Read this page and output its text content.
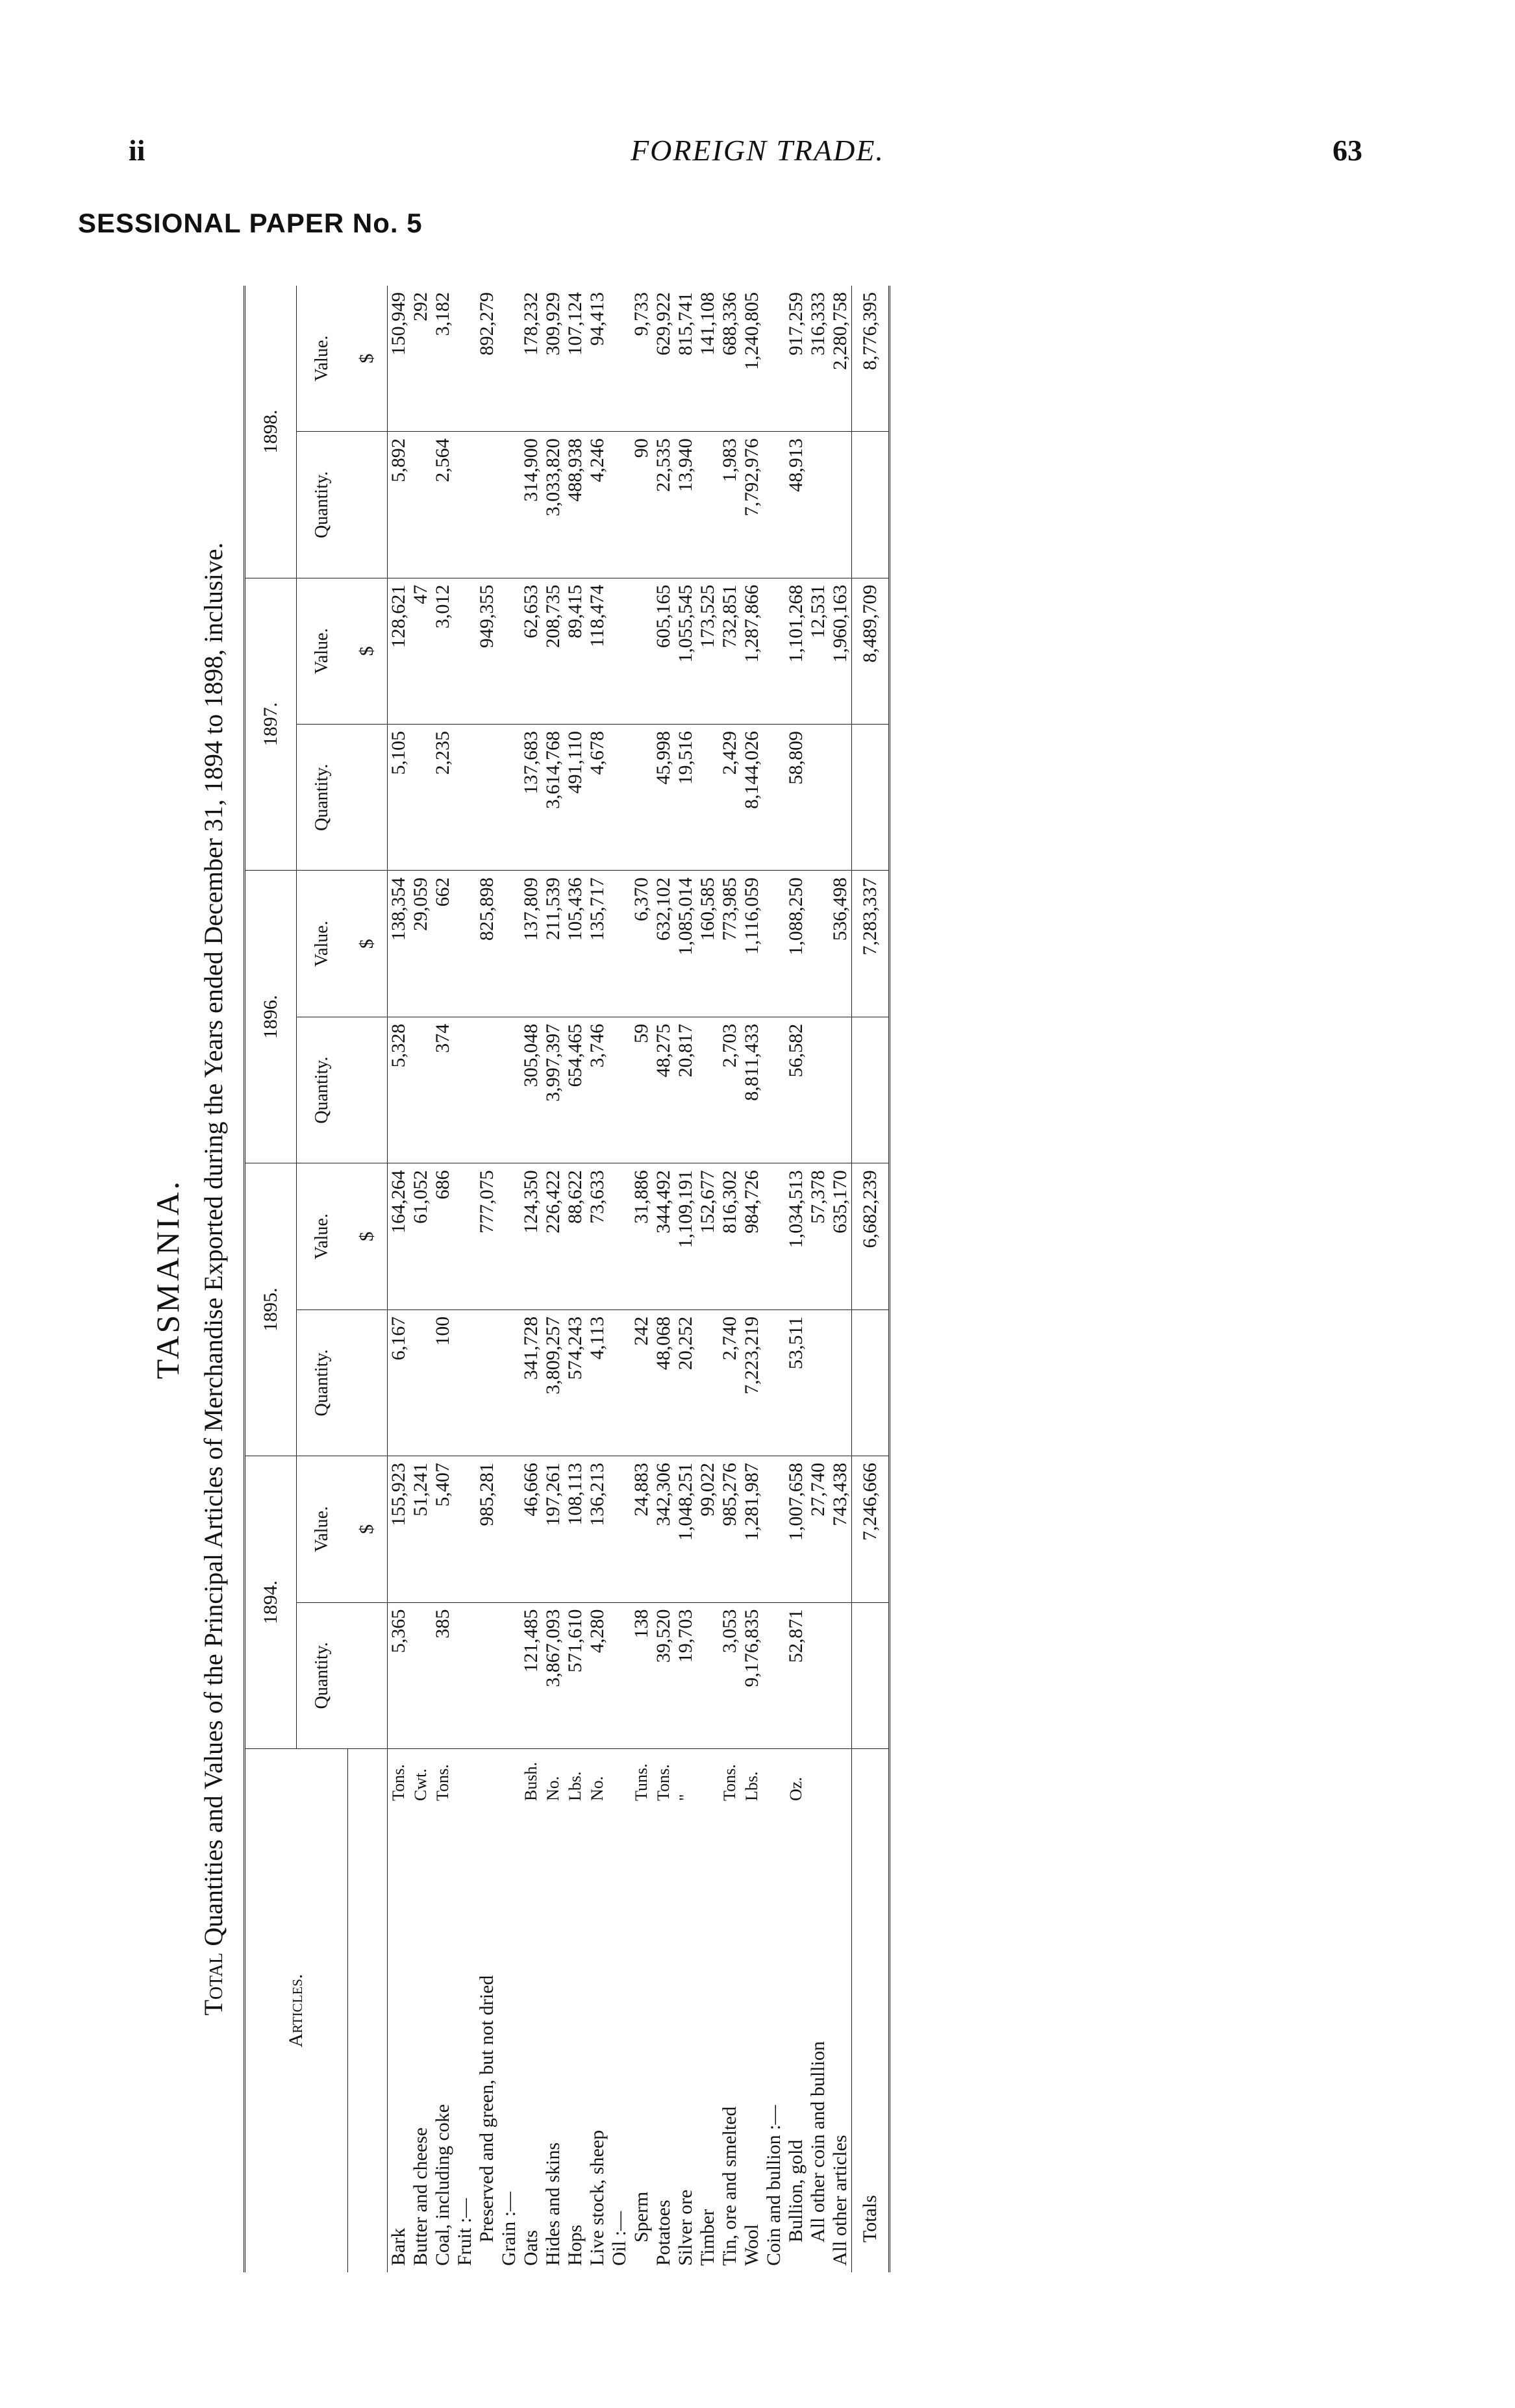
ii	FOREIGN TRADE.	63
SESSIONAL PAPER No. 5
TASMANIA.
Total Quantities and Values of the Principal Articles of Merchandise Exported during the Years ended December 31, 1894 to 1898, inclusive.
Articles.		1894.		1895.		1896.		1897.		1898.	
		Quantity.	Value.	Quantity.	Value.	Quantity.	Value.	Quantity.	Value.	Quantity.	Value.
			$		$		$		$		$
Bark	Tons.	5,365	155,923	6,167	164,264	5,328	138,354	5,105	128,621	5,892	150,949
Butter and cheese	Cwt.		51,241		61,052		29,059		47		292
Coal, including coke	Tons.	385	5,407	100	686	374	662	2,235	3,012	2,564	3,182
Fruit :—											
Preserved and green, but not dried			985,281		777,075		825,898		949,355		892,279
Grain :—											
Oats	Bush.	121,485	46,666	341,728	124,350	305,048	137,809	137,683	62,653	314,900	178,232
Hides and skins	No.	3,867,093	197,261	3,809,257	226,422	3,997,397	211,539	3,614,768	208,735	3,033,820	309,929
Hops	Lbs.	571,610	108,113	574,243	88,622	654,465	105,436	491,110	89,415	488,938	107,124
Live stock, sheep	No.	4,280	136,213	4,113	73,633	3,746	135,717	4,678	118,474	4,246	94,413
Oil :—											
Sperm	Tuns.	138	24,883	242	31,886	59	6,370			90	9,733
Potatoes	Tons.	39,520	342,306	48,068	344,492	48,275	632,102	45,998	605,165	22,535	629,922
Silver ore	"	19,703	1,048,251	20,252	1,109,191	20,817	1,085,014	19,516	1,055,545	13,940	815,741
Timber			99,022		152,677		160,585		173,525		141,108
Tin, ore and smelted	Tons.	3,053	985,276	2,740	816,302	2,703	773,985	2,429	732,851	1,983	688,336
Wool	Lbs.	9,176,835	1,281,987	7,223,219	984,726	8,811,433	1,116,059	8,144,026	1,287,866	7,792,976	1,240,805
Coin and bullion :—											
Bullion, gold	Oz.	52,871	1,007,658	53,511	1,034,513	56,582	1,088,250	58,809	1,101,268	48,913	917,259
All other coin and bullion			27,740		57,378				12,531		316,333
All other articles			743,438		635,170		536,498		1,960,163		2,280,758
Totals			7,246,666		6,682,239		7,283,337		8,489,709		8,776,395
